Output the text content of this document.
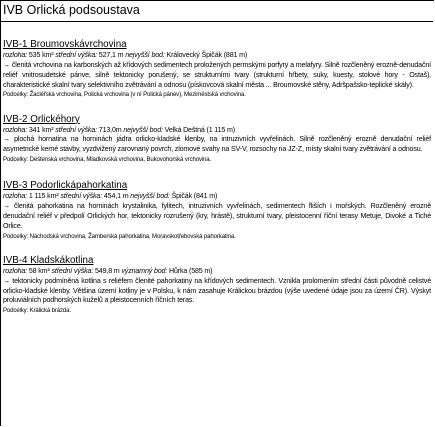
IVB Orlická podsoustava
IVB-1 Broumovskávrchovina
rozloha: 535 km² střední výška: 527,1 m nejvyšší bod: Královecký Špičák (881 m)
→ členitá vrchovina na karbonských až křídových sedimentech proložených permskými porfyry a melafyry. Silně rozčleněný erozně-denudační reliéf vnitrosudetské pánve, silně tektonicky porušený, se strukturními tvary (strukturní hřbety, suky, kuesty, stolové hory - Ostaš), charakteristické skalní tvary selektivního zvětrávání a odnosu (pískovcová skalní města ... Broumovské stěny, Adršpašsko-teplické skály).
Podcelky: Žacléřská vrchovina, Polická vrchovina (v ní Polická pánev), Meziměstská vrchovina.
IVB-2 Orlickéhory
rozloha: 341 km² střední výška: 713,0m nejvyšší bod: Velká Deštná (1 115 m)
→ plochá hornatina na horninách jádra orlicko-kladské klenby, na intruzivních vyvřelinách. Silně rozčleněný erozně denudační reliéf asymetrické kerné stavby, vyzdvižený zarovnaný povrch, zlomové svahy na SV-V, rozsochy na JZ-Z, místy skalní tvary zvětrávání a odnosu.
Podcelky: Deštenská vrchovina, Mladkovská vrchovina, Bukovohorská vrchovina.
IVB-3 Podorlickápahorkatina
rozloha: 1 115 km² střední výška: 454,1 m nejvyšší bod: Špičák (841 m)
→ členitá pahorkatina na horninách krystalinika, fylitech, intruzivních vyvřelinách, sedimentech fliších i mořských. Rozčleněný erozně denudační reliéf v předpolí Orlických hor, tektonicky rozrušený (kry, hrástě), strukturní tvary, pleistocenní říční terasy Metuje, Divoké a Tiché Orlice.
Podcelky: Náchodská vrchovina, Žamberská pahorkatina, Moravskotřebovská pahorkatina.
IVB-4 Kladskákotlina
rozloha: 58 km² střední výška: 549,8 m významný bod: Hůrka (585 m)
→ tektonicky podmíněná kotlina s reliéfem členité pahorkatiny na křídových sedimentech. Vznikla prolomením střední části původně celistvé orlicko-kladské klenby. Většina území kotliny je v Polsku, k nám zasahuje Králickou brázdou (výše uvedené údaje jsou za území ČR). Výskyt proluviálních podhorských kuželů a pleistocenních říčních teras.
Podcelky: Králická brázda.
